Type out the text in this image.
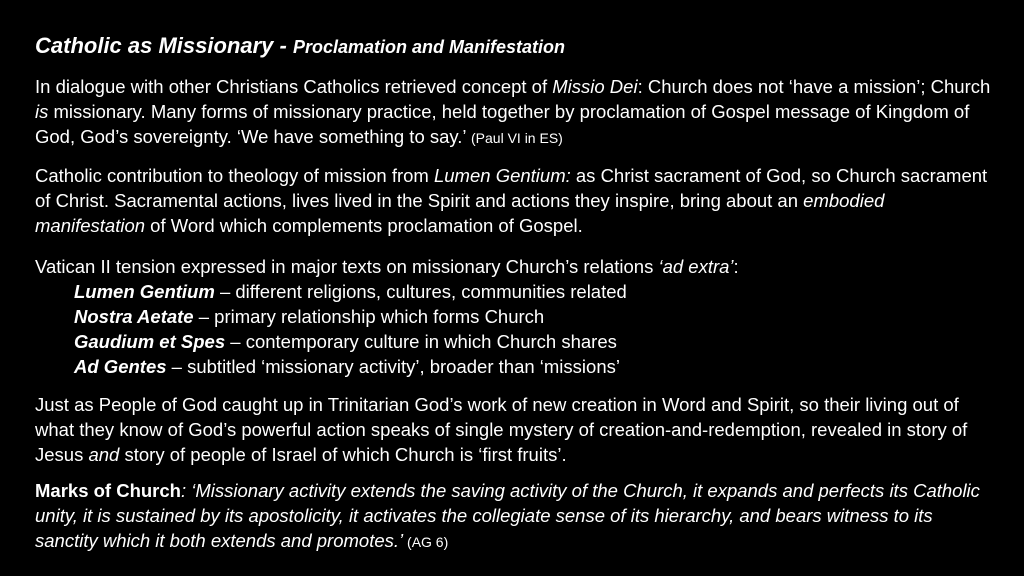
Catholic as Missionary - Proclamation and Manifestation
In dialogue with other Christians Catholics retrieved concept of Missio Dei: Church does not ‘have a mission’; Church is missionary. Many forms of missionary practice, held together by proclamation of Gospel message of Kingdom of God, God’s sovereignty. ‘We have something to say.’ (Paul VI in ES)
Catholic contribution to theology of mission from Lumen Gentium: as Christ sacrament of God, so Church sacrament of Christ. Sacramental actions, lives lived in the Spirit and actions they inspire, bring about an embodied manifestation of Word which complements proclamation of Gospel.
Vatican II tension expressed in major texts on missionary Church’s relations ‘ad extra’:
Lumen Gentium – different religions, cultures, communities related
Nostra Aetate – primary relationship which forms Church
Gaudium et Spes – contemporary culture in which Church shares
Ad Gentes – subtitled ‘missionary activity’, broader than ‘missions’
Just as People of God caught up in Trinitarian God’s work of new creation in Word and Spirit, so their living out of what they know of God’s powerful action speaks of single mystery of creation-and-redemption, revealed in story of Jesus and story of people of Israel of which Church is ‘first fruits’.
Marks of Church: ‘Missionary activity extends the saving activity of the Church, it expands and perfects its Catholic unity, it is sustained by its apostolicity, it activates the collegiate sense of its hierarchy, and bears witness to its sanctity which it both extends and promotes.’ (AG 6)
